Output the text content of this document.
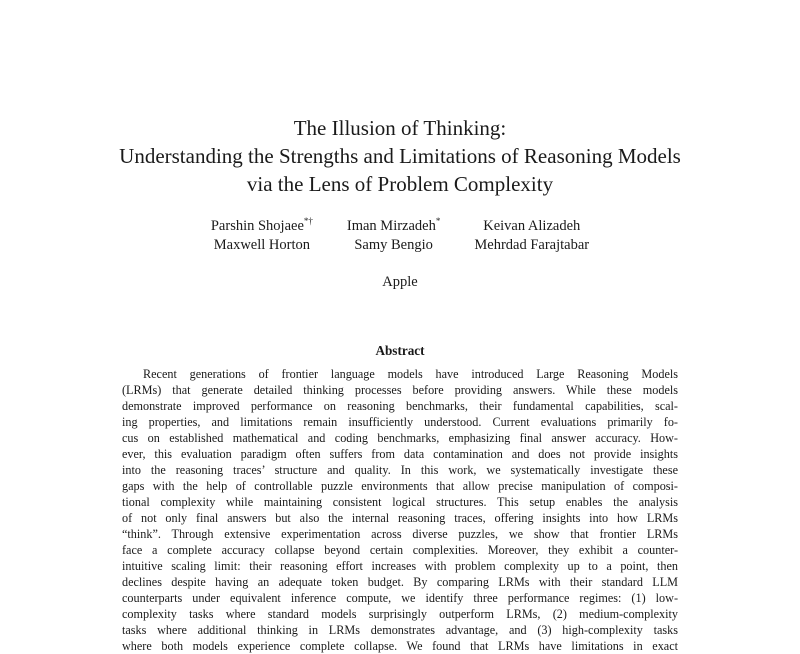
The Illusion of Thinking:
Understanding the Strengths and Limitations of Reasoning Models
via the Lens of Problem Complexity
Parshin Shojaee*† Iman Mirzadeh*	Keivan Alizadeh
Maxwell Horton	Samy Bengio	Mehrdad Farajtabar
Apple
Abstract
Recent generations of frontier language models have introduced Large Reasoning Models
(LRMs) that generate detailed thinking processes before providing answers. While these models
demonstrate improved performance on reasoning benchmarks, their fundamental capabilities, scal-
ing properties, and limitations remain insufficiently understood. Current evaluations primarily fo-
cus on established mathematical and coding benchmarks, emphasizing final answer accuracy. How-
ever, this evaluation paradigm often suffers from data contamination and does not provide insights
into the reasoning traces’ structure and quality. In this work, we systematically investigate these
gaps with the help of controllable puzzle environments that allow precise manipulation of composi-
tional complexity while maintaining consistent logical structures. This setup enables the analysis
of not only final answers but also the internal reasoning traces, offering insights into how LRMs
“think”. Through extensive experimentation across diverse puzzles, we show that frontier LRMs
face a complete accuracy collapse beyond certain complexities. Moreover, they exhibit a counter-
intuitive scaling limit: their reasoning effort increases with problem complexity up to a point, then
declines despite having an adequate token budget. By comparing LRMs with their standard LLM
counterparts under equivalent inference compute, we identify three performance regimes: (1) low-
complexity tasks where standard models surprisingly outperform LRMs, (2) medium-complexity
tasks where additional thinking in LRMs demonstrates advantage, and (3) high-complexity tasks
where both models experience complete collapse. We found that LRMs have limitations in exact
